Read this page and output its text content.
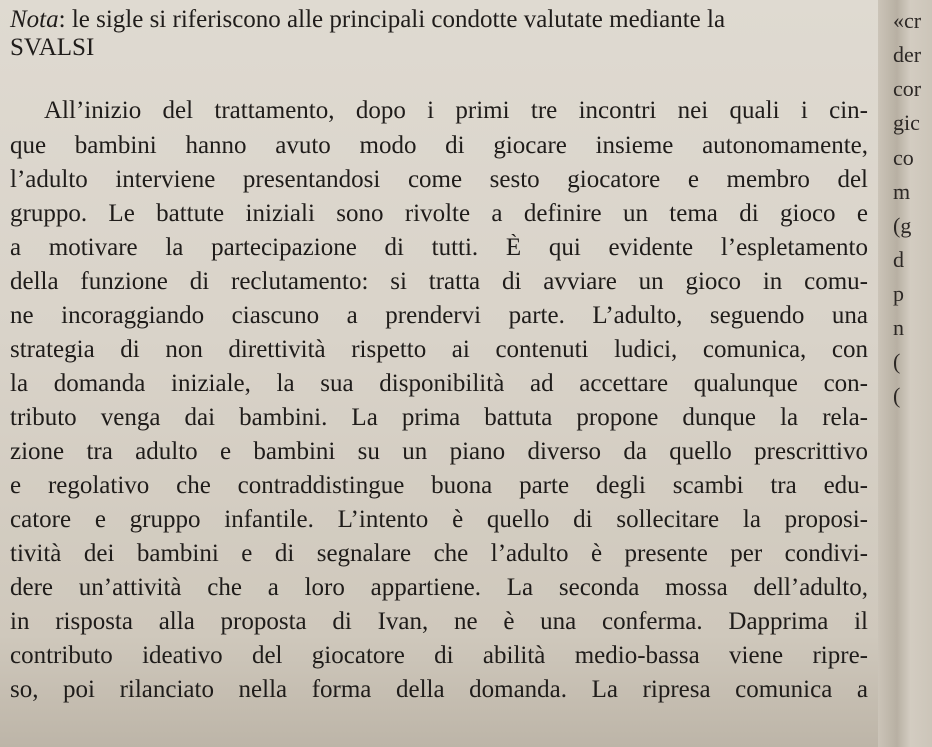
Nota: le sigle si riferiscono alle principali condotte valutate mediante la
SVALSI
All’inizio del trattamento, dopo i primi tre incontri nei quali i cin-
que bambini hanno avuto modo di giocare insieme autonomamente,
l’adulto interviene presentandosi come sesto giocatore e membro del
gruppo. Le battute iniziali sono rivolte a definire un tema di gioco e
a motivare la partecipazione di tutti. È qui evidente l’espletamento
della funzione di reclutamento: si tratta di avviare un gioco in comu-
ne incoraggiando ciascuno a prendervi parte. L’adulto, seguendo una
strategia di non direttività rispetto ai contenuti ludici, comunica, con
la domanda iniziale, la sua disponibilità ad accettare qualunque con-
tributo venga dai bambini. La prima battuta propone dunque la rela-
zione tra adulto e bambini su un piano diverso da quello prescrittivo
e regolativo che contraddistingue buona parte degli scambi tra edu-
catore e gruppo infantile. L’intento è quello di sollecitare la proposi-
tività dei bambini e di segnalare che l’adulto è presente per condivi-
dere un’attività che a loro appartiene. La seconda mossa dell’adulto,
in risposta alla proposta di Ivan, ne è una conferma. Dapprima il
contributo ideativo del giocatore di abilità medio-bassa viene ripre-
so, poi rilanciato nella forma della domanda. La ripresa comunica a
«cr
der
cor
gic
co
m
(g
d
p
n
(
(
